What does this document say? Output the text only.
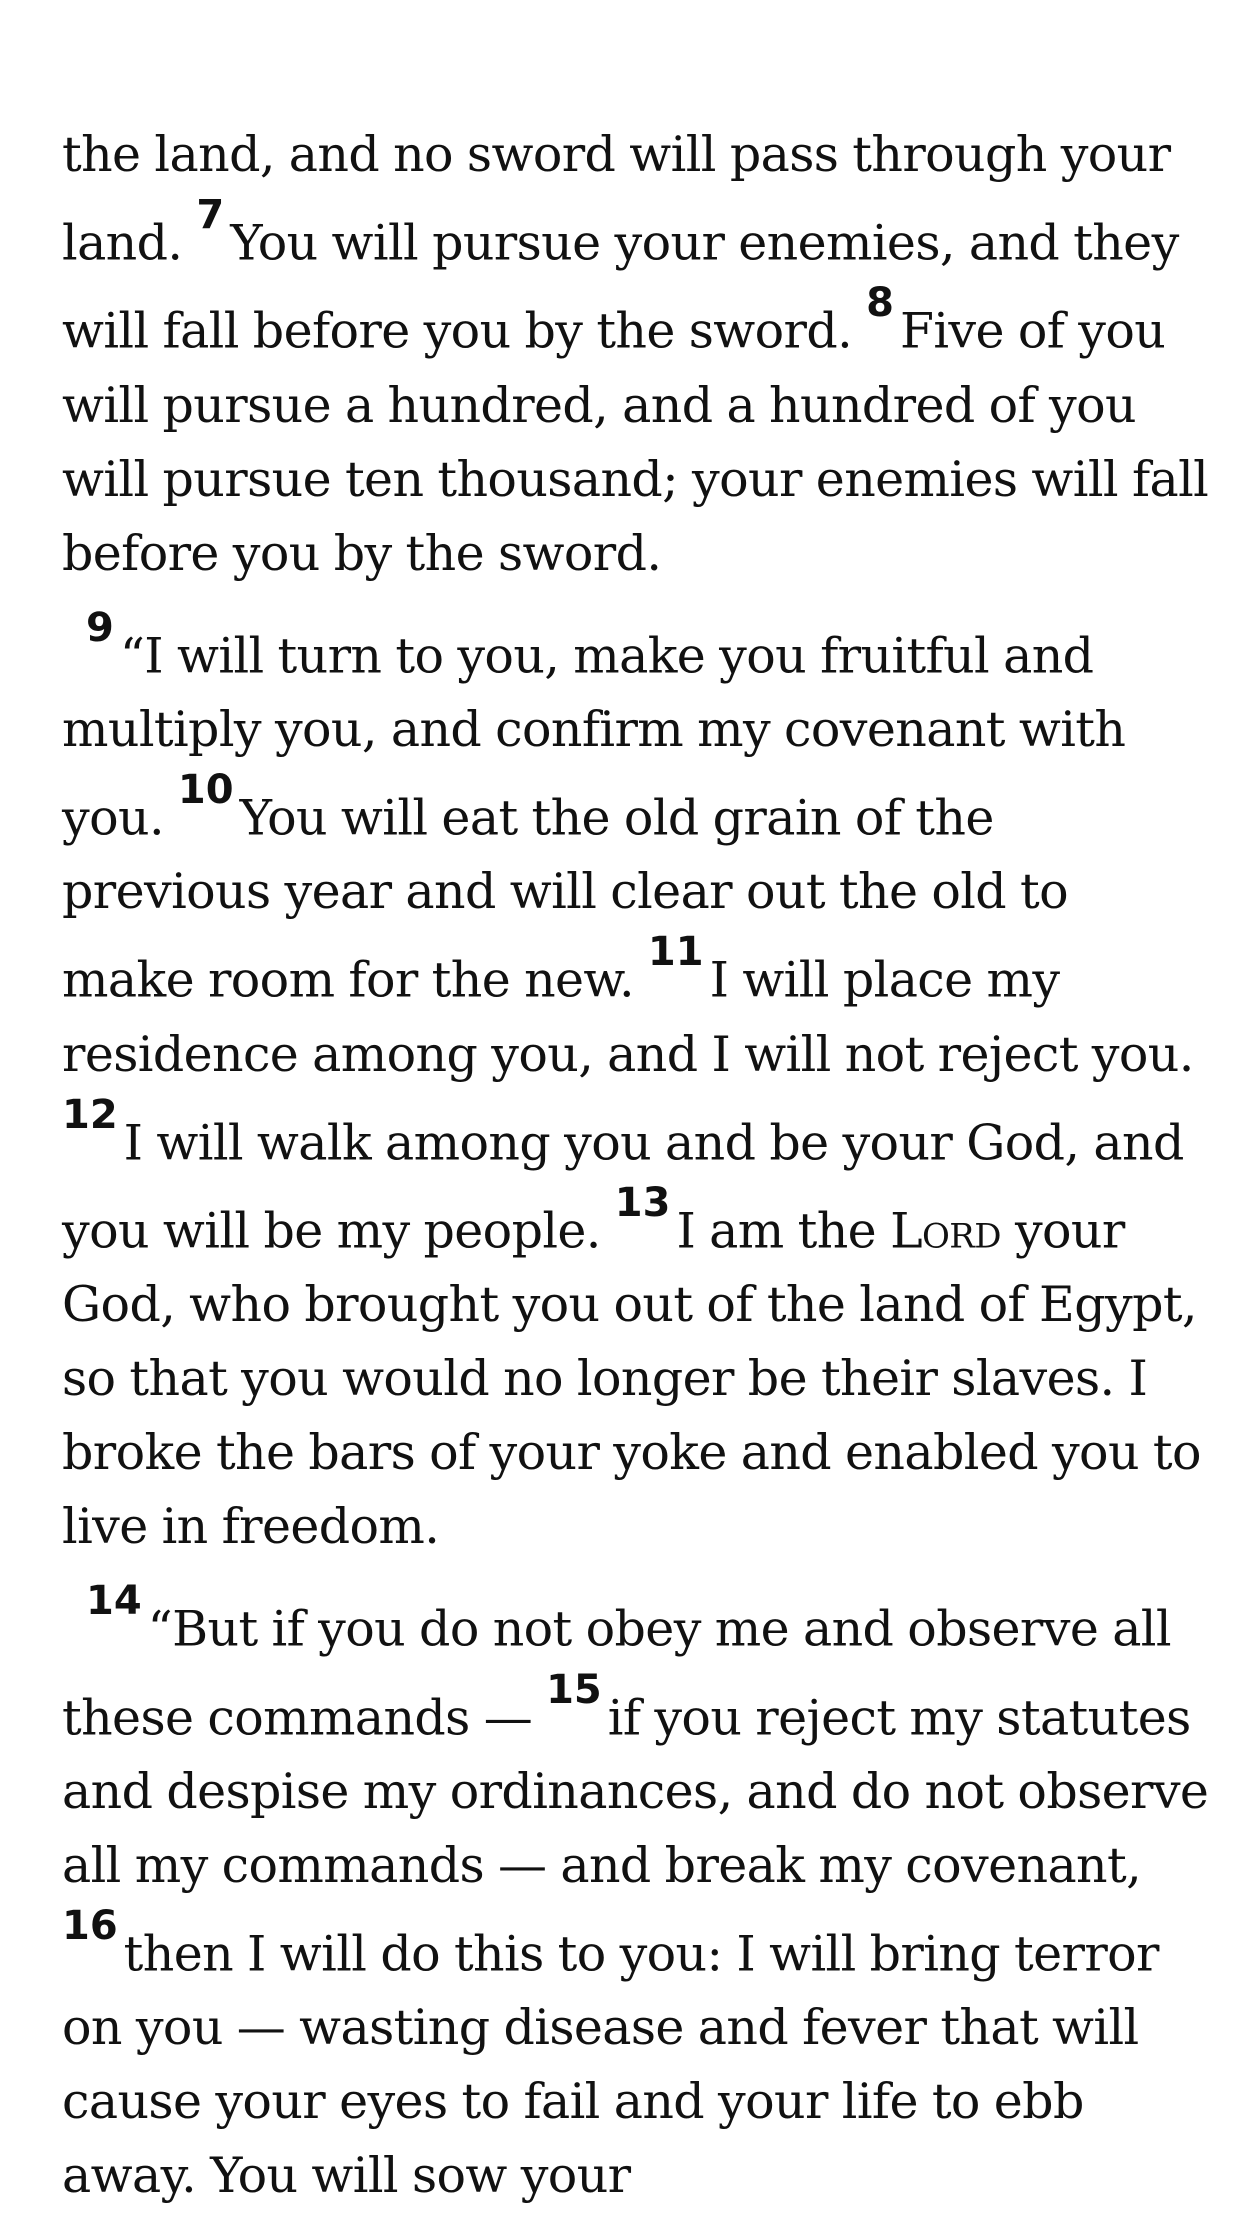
the land, and no sword will pass through your land. $^7$ You will pursue your enemies, and they will fall before you by the sword. $^8$ Five of you will pursue a hundred, and a hundred of you will pursue ten thousand; your enemies will fall before you by the sword.

$^9$ “I will turn to you, make you fruitful and multiply you, and confirm my covenant with you. $^{10}$ You will eat the old grain of the previous year and will clear out the old to make room for the new. $^{11}$ I will place my residence among you, and I will not reject you. $^{12}$ I will walk among you and be your God, and you will be my people. $^{13}$ I am the Lord your God, who brought you out of the land of Egypt, so that you would no longer be their slaves. I broke the bars of your yoke and enabled you to live in freedom.

$^{14}$ “But if you do not obey me and observe all these commands — $^{15}$ if you reject my statutes and despise my ordinances, and do not observe all my commands — and break my covenant, $^{16}$ then I will do this to you: I will bring terror on you — wasting disease and fever that will cause your eyes to fail and your life to ebb away. You will sow your
